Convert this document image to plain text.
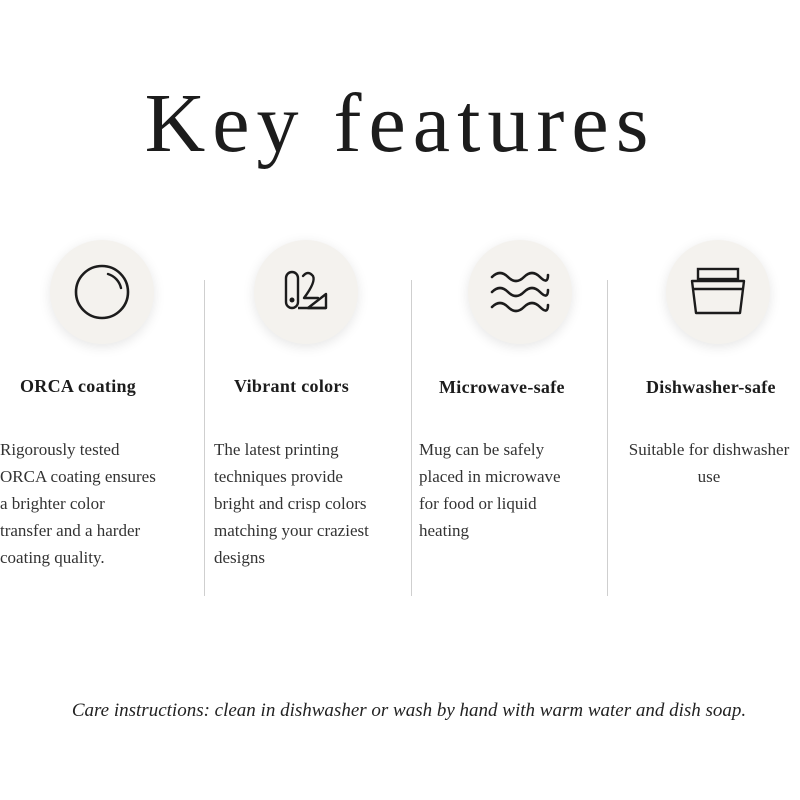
Key features
ORCA coating
Rigorously tested
ORCA coating ensures
a brighter color
transfer and a harder
coating quality.
Vibrant colors
The latest printing
techniques provide
bright and crisp colors
matching your craziest
designs
Microwave-safe
Mug can be safely
placed in microwave
for food or liquid
heating
Dishwasher-safe
Suitable for dishwasher
use
Care instructions: clean in dishwasher or wash by hand with warm water and dish soap.
